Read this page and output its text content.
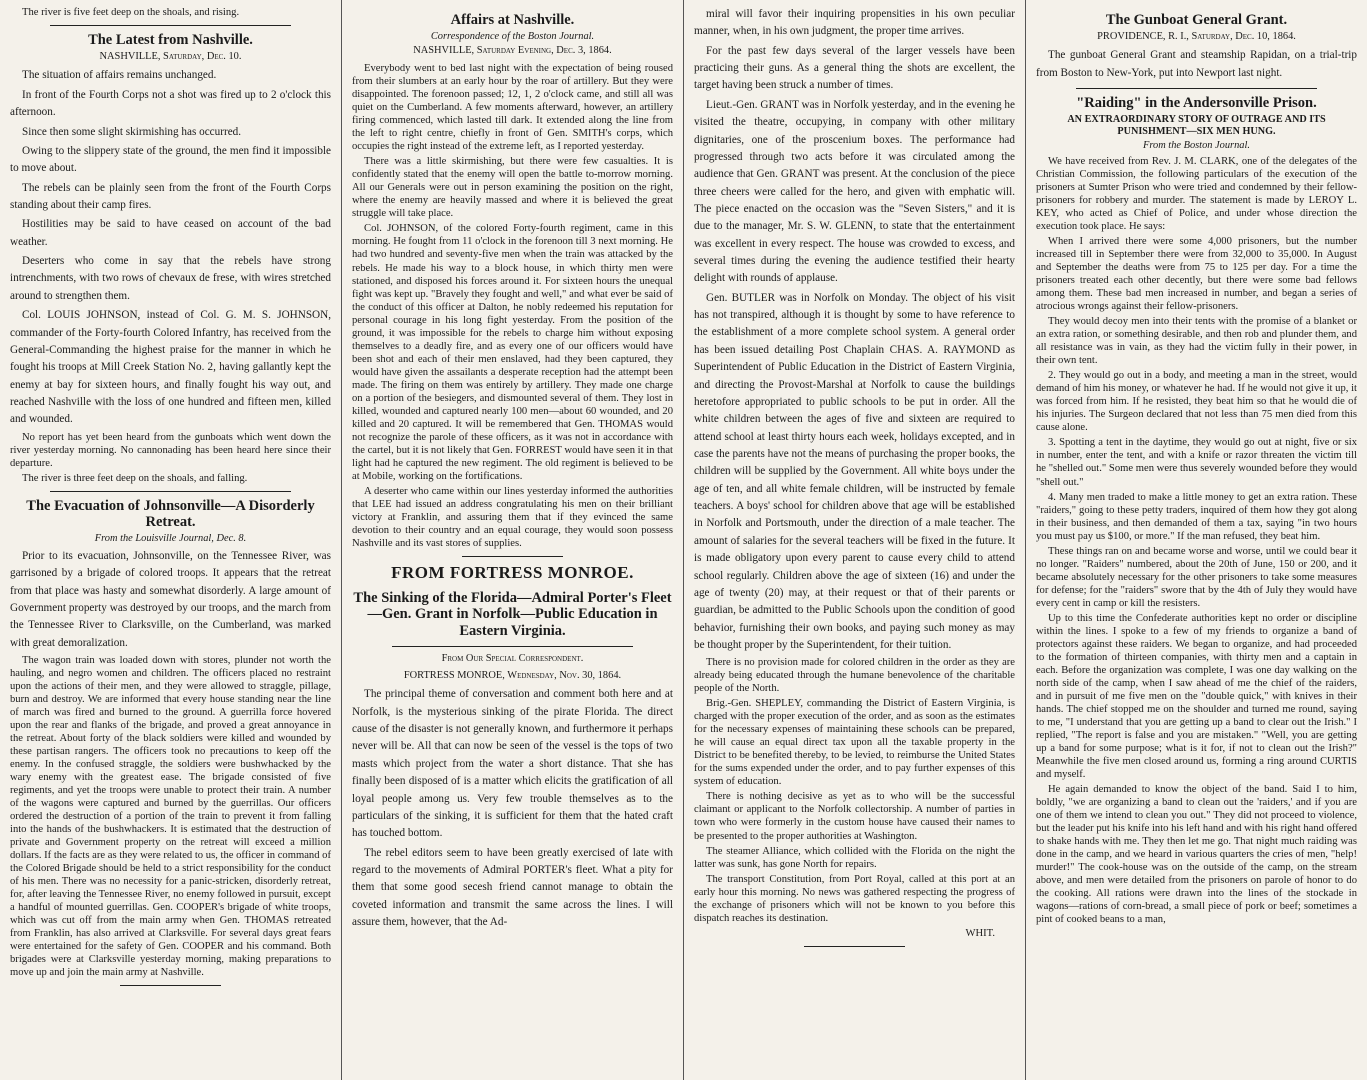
The river is five feet deep on the shoals, and rising.

The Latest from Nashville.
NASHVILLE, Saturday, Dec. 10.

The situation of affairs remains unchanged.

In front of the Fourth Corps not a shot was fired up to 2 o'clock this afternoon.

Since then some slight skirmishing has occurred.

Owing to the slippery state of the ground, the men find it impossible to move about.

The rebels can be plainly seen from the front of the Fourth Corps standing about their camp fires.

Hostilities may be said to have ceased on account of the bad weather.

Deserters who come in say that the rebels have strong intrenchments, with two rows of chevaux de frese, with wires stretched around to strengthen them.

Col. LOUIS JOHNSON, instead of Col. G. M. S. JOHNSON, commander of the Forty-fourth Colored Infantry, has received from the General-Commanding the highest praise for the manner in which he fought his troops at Mill Creek Station No. 2, having gallantly kept the enemy at bay for sixteen hours, and finally fought his way out, and reached Nashville with the loss of one hundred and fifteen men, killed and wounded.

No report has yet been heard from the gunboats which went down the river yesterday morning. No cannonading has been heard here since their departure.

The river is three feet deep on the shoals, and falling.

The Evacuation of Johnsonville—A Disorderly Retreat.
From the Louisville Journal, Dec. 8.

Prior to its evacuation, Johnsonville, on the Tennessee River, was garrisoned by a brigade of colored troops. It appears that the retreat from that place was hasty and somewhat disorderly. A large amount of Government property was destroyed by our troops, and the march from the Tennessee River to Clarksville, on the Cumberland, was marked with great demoralization.

The wagon train was loaded down with stores, plunder not worth the hauling, and negro women and children. The officers placed no restraint upon the actions of their men, and they were allowed to straggle, pillage, burn and destroy. We are informed that every house standing near the line of march was fired and burned to the ground. A guerrilla force hovered upon the rear and flanks of the brigade, and proved a great annoyance in the retreat. About forty of the black soldiers were killed and wounded by these partisan rangers. The officers took no precautions to keep off the enemy. In the confused straggle, the soldiers were bushwhacked by the wary enemy with the greatest ease. The brigade consisted of five regiments, and yet the troops were unable to protect their train. A number of the wagons were captured and burned by the guerrillas. Our officers ordered the destruction of a portion of the train to prevent it from falling into the hands of the bushwhackers. It is estimated that the destruction of private and Government property on the retreat will exceed a million dollars. If the facts are as they were related to us, the officer in command of the Colored Brigade should be held to a strict responsibility for the conduct of his men. There was no necessity for a panic-stricken, disorderly retreat, for, after leaving the Tennessee River, no enemy followed in pursuit, except a handful of mounted guerrillas. Gen. COOPER's brigade of white troops, which was cut off from the main army when Gen. THOMAS retreated from Franklin, has also arrived at Clarksville. For several days great fears were entertained for the safety of Gen. COOPER and his command. Both brigades were at Clarksville yesterday morning, making preparations to move up and join the main army at Nashville.

Affairs at Nashville.
Correspondence of the Boston Journal.
NASHVILLE, Saturday Evening, Dec. 3, 1864.

Everybody went to bed last night with the expectation of being roused from their slumbers at an early hour by the roar of artillery. But they were disappointed. The forenoon passed; 12, 1, 2 o'clock came, and still all was quiet on the Cumberland. A few moments afterward, however, an artillery firing commenced, which lasted till dark. It extended along the line from the left to right centre, chiefly in front of Gen. SMITH's corps, which occupies the right instead of the extreme left, as I reported yesterday.

There was a little skirmishing, but there were few casualties. It is confidently stated that the enemy will open the battle to-morrow morning. All our Generals were out in person examining the position on the right, where the enemy are heavily massed and where it is believed the great struggle will take place.

Col. JOHNSON, of the colored Forty-fourth regiment, came in this morning. He fought from 11 o'clock in the forenoon till 3 next morning. He had two hundred and seventy-five men when the train was attacked by the rebels. He made his way to a block house, in which thirty men were stationed, and disposed his forces around it. For sixteen hours the unequal fight was kept up. "Bravely they fought and well," and what ever be said of the conduct of this officer at Dalton, he nobly redeemed his reputation for personal courage in his long fight yesterday. From the position of the ground, it was impossible for the rebels to charge him without exposing themselves to a deadly fire, and as every one of our officers would have been shot and each of their men enslaved, had they been captured, they would have given the assailants a desperate reception had the attempt been made. The firing on them was entirely by artillery. They made one charge on a portion of the besiegers, and dismounted several of them. They lost in killed, wounded and captured nearly 100 men—about 60 wounded, and 20 killed and 20 captured. It will be remembered that Gen. THOMAS would not recognize the parole of these officers, as it was not in accordance with the cartel, but it is not likely that Gen. FORREST would have seen it in that light had he captured the new regiment. The old regiment is believed to be at Mobile, working on the fortifications.

A deserter who came within our lines yesterday informed the authorities that LEE had issued an address congratulating his men on their brilliant victory at Franklin, and assuring them that if they evinced the same devotion to their country and an equal courage, they would soon possess Nashville and its vast stores of supplies.

FROM FORTRESS MONROE.
The Sinking of the Florida—Admiral Porter's Fleet—Gen. Grant in Norfolk—Public Education in Eastern Virginia.
From Our Special Correspondent.
FORTRESS MONROE, Wednesday, Nov. 30, 1864.

The principal theme of conversation and comment both here and at Norfolk, is the mysterious sinking of the pirate Florida. The direct cause of the disaster is not generally known, and furthermore it perhaps never will be. All that can now be seen of the vessel is the tops of two masts which project from the water a short distance. That she has finally been disposed of is a matter which elicits the gratification of all loyal people among us. Very few trouble themselves as to the particulars of the sinking, it is sufficient for them that the hated craft has touched bottom.

The rebel editors seem to have been greatly exercised of late with regard to the movements of Admiral PORTER's fleet. What a pity for them that some good secesh friend cannot manage to obtain the coveted information and transmit the same across the lines. I will assure them, however, that the Ad-

miral will favor their inquiring propensities in his own peculiar manner, when, in his own judgment, the proper time arrives.

For the past few days several of the larger vessels have been practicing their guns. As a general thing the shots are excellent, the target having been struck a number of times.

Lieut.-Gen. GRANT was in Norfolk yesterday, and in the evening he visited the theatre, occupying, in company with other military dignitaries, one of the proscenium boxes. The performance had progressed through two acts before it was circulated among the audience that Gen. GRANT was present. At the conclusion of the piece three cheers were called for the hero, and given with emphatic will. The piece enacted on the occasion was the "Seven Sisters," and it is due to the manager, Mr. S. W. GLENN, to state that the entertainment was excellent in every respect. The house was crowded to excess, and several times during the evening the audience testified their hearty delight with rounds of applause.

Gen. BUTLER was in Norfolk on Monday. The object of his visit has not transpired, although it is thought by some to have reference to the establishment of a more complete school system. A general order has been issued detailing Post Chaplain CHAS. A. RAYMOND as Superintendent of Public Education in the District of Eastern Virginia, and directing the Provost-Marshal at Norfolk to cause the buildings heretofore appropriated to public schools to be put in order. All the white children between the ages of five and sixteen are required to attend school at least thirty hours each week, holidays excepted, and in case the parents have not the means of purchasing the proper books, the children will be supplied by the Government. All white boys under the age of ten, and all white female children, will be instructed by female teachers. A boys' school for children above that age will be established in Norfolk and Portsmouth, under the direction of a male teacher. The amount of salaries for the several teachers will be fixed in the future. It is made obligatory upon every parent to cause every child to attend school regularly. Children above the age of sixteen (16) and under the age of twenty (20) may, at their request or that of their parents or guardian, be admitted to the Public Schools upon the condition of good behavior, furnishing their own books, and paying such money as may be thought proper by the Superintendent, for their tuition.

There is no provision made for colored children in the order as they are already being educated through the humane benevolence of the charitable people of the North.

Brig.-Gen. SHEPLEY, commanding the District of Eastern Virginia, is charged with the proper execution of the order, and as soon as the estimates for the necessary expenses of maintaining these schools can be prepared, he will cause an equal direct tax upon all the taxable property in the District to be benefited thereby, to be levied, to reimburse the United States for the sums expended under the order, and to pay further expenses of this system of education.

There is nothing decisive as yet as to who will be the successful claimant or applicant to the Norfolk collectorship. A number of parties in town who were formerly in the custom house have caused their names to be presented to the proper authorities at Washington.

The steamer Alliance, which collided with the Florida on the night the latter was sunk, has gone North for repairs.

The transport Constitution, from Port Royal, called at this port at an early hour this morning. No news was gathered respecting the progress of the exchange of prisoners which will not be known to you before this dispatch reaches its destination.

WHIT.
The Gunboat General Grant.
PROVIDENCE, R. I., Saturday, Dec. 10, 1864.

The gunboat General Grant and steamship Rapidan, on a trial-trip from Boston to New-York, put into Newport last night.

"Raiding" in the Andersonville Prison.
AN EXTRAORDINARY STORY OF OUTRAGE AND ITS PUNISHMENT—SIX MEN HUNG.
From the Boston Journal.

We have received from Rev. J. M. CLARK, one of the delegates of the Christian Commission, the following particulars of the execution of the prisoners at Sumter Prison who were tried and condemned by their fellow-prisoners for robbery and murder. The statement is made by LEROY L. KEY, who acted as Chief of Police, and under whose direction the execution took place. He says:

When I arrived there were some 4,000 prisoners, but the number increased till in September there were from 32,000 to 35,000. In August and September the deaths were from 75 to 125 per day. For a time the prisoners treated each other decently, but there were some bad fellows among them. These bad men increased in number, and began a series of atrocious wrongs against their fellow-prisoners.

They would decoy men into their tents with the promise of a blanket or an extra ration, or something desirable, and then rob and plunder them, and all resistance was in vain, as they had the victim fully in their power, in their own tent.

2. They would go out in a body, and meeting a man in the street, would demand of him his money, or whatever he had. If he would not give it up, it was forced from him. If he resisted, they beat him so that he would die of his injuries. The Surgeon declared that not less than 75 men died from this cause alone.

3. Spotting a tent in the daytime, they would go out at night, five or six in number, enter the tent, and with a knife or razor threaten the victim till he "shelled out." Some men were thus severely wounded before they would "shell out."

4. Many men traded to make a little money to get an extra ration. These "raiders," going to these petty traders, inquired of them how they got along in their business, and then demanded of them a tax, saying "in two hours you must pay us $100, or more." If the man refused, they beat him.

These things ran on and became worse and worse, until we could bear it no longer. "Raiders" numbered, about the 20th of June, 150 or 200, and it became absolutely necessary for the other prisoners to take some measures for defense; for the "raiders" swore that by the 4th of July they would have every cent in camp or kill the resisters.

Up to this time the Confederate authorities kept no order or discipline within the lines. I spoke to a few of my friends to organize a band of protectors against these raiders. We began to organize, and had proceeded to the formation of thirteen companies, with thirty men and a captain in each. Before the organization was complete, I was one day walking on the north side of the camp, when I saw ahead of me the chief of the raiders, and in pursuit of me five men on the "double quick," with knives in their hands. The chief stopped me on the shoulder and turned me round, saying to me, "I understand that you are getting up a band to clear out the Irish." I replied, "The report is false and you are mistaken." "Well, you are getting up a band for some purpose; what is it for, if not to clean out the Irish?" Meanwhile the five men closed around us, forming a ring around CURTIS and myself.

He again demanded to know the object of the band. Said I to him, boldly, "we are organizing a band to clean out the 'raiders,' and if you are one of them we intend to clean you out." They did not proceed to violence, but the leader put his knife into his left hand and with his right hand offered to shake hands with me. They then let me go. That night much raiding was done in the camp, and we heard in various quarters the cries of men, "help! murder!" The cook-house was on the outside of the camp, on the stream above, and men were detailed from the prisoners on parole of honor to do the cooking. All rations were drawn into the lines of the stockade in wagons—rations of corn-bread, a small piece of pork or beef; sometimes a pint of cooked beans to a man,
